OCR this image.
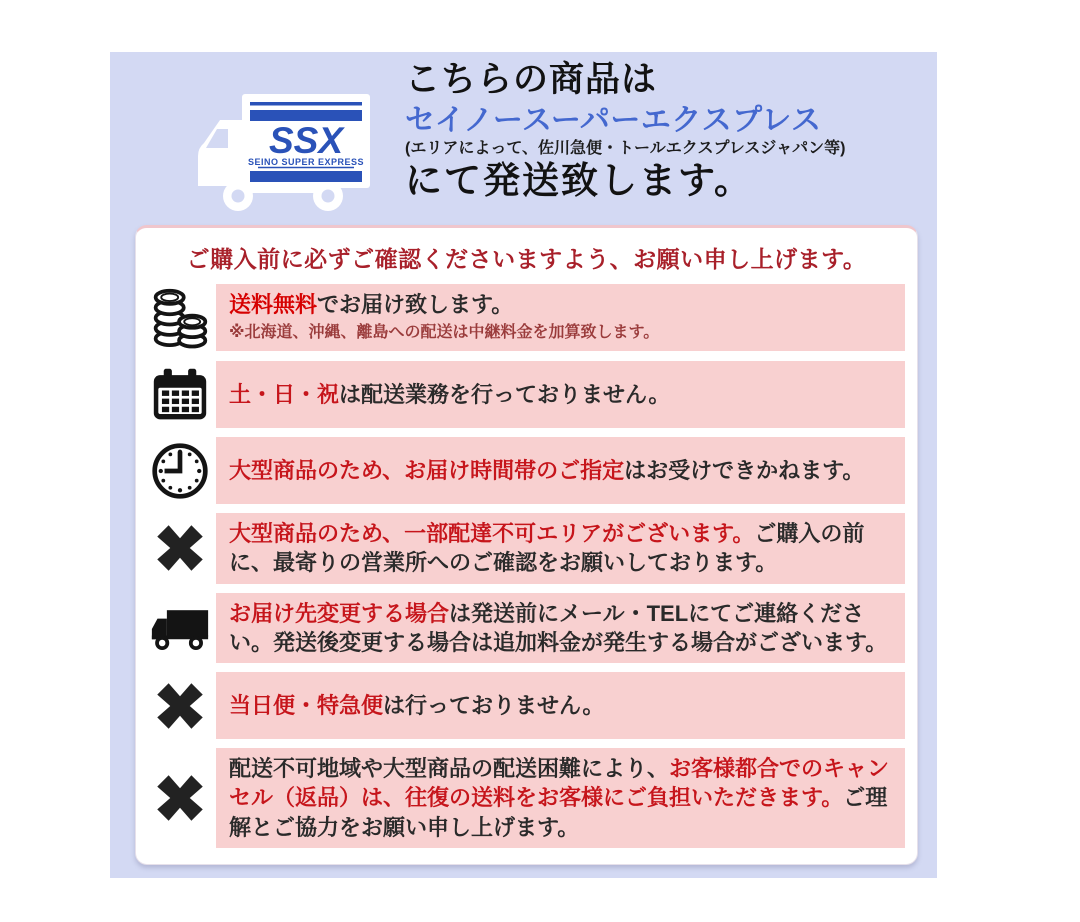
SSX
SEINO SUPER EXPRESS
こちらの商品は
セイノースーパーエクスプレス
(エリアによって、佐川急便・トールエクスプレスジャパン等)
にて発送致します。
ご購入前に必ずご確認くださいますよう、お願い申し上げます。
送料無料でお届け致します。
※北海道、沖縄、離島への配送は中継料金を加算致します。
土・日・祝は配送業務を行っておりません。
大型商品のため、お届け時間帯のご指定はお受けできかねます。
大型商品のため、一部配達不可エリアがございます。ご購入の前に、最寄りの営業所へのご確認をお願いしております。
お届け先変更する場合は発送前にメール・TELにてご連絡ください。発送後変更する場合は追加料金が発生する場合がございます。
当日便・特急便は行っておりません。
配送不可地域や大型商品の配送困難により、お客様都合でのキャンセル（返品）は、往復の送料をお客様にご負担いただきます。ご理解とご協力をお願い申し上げます。
